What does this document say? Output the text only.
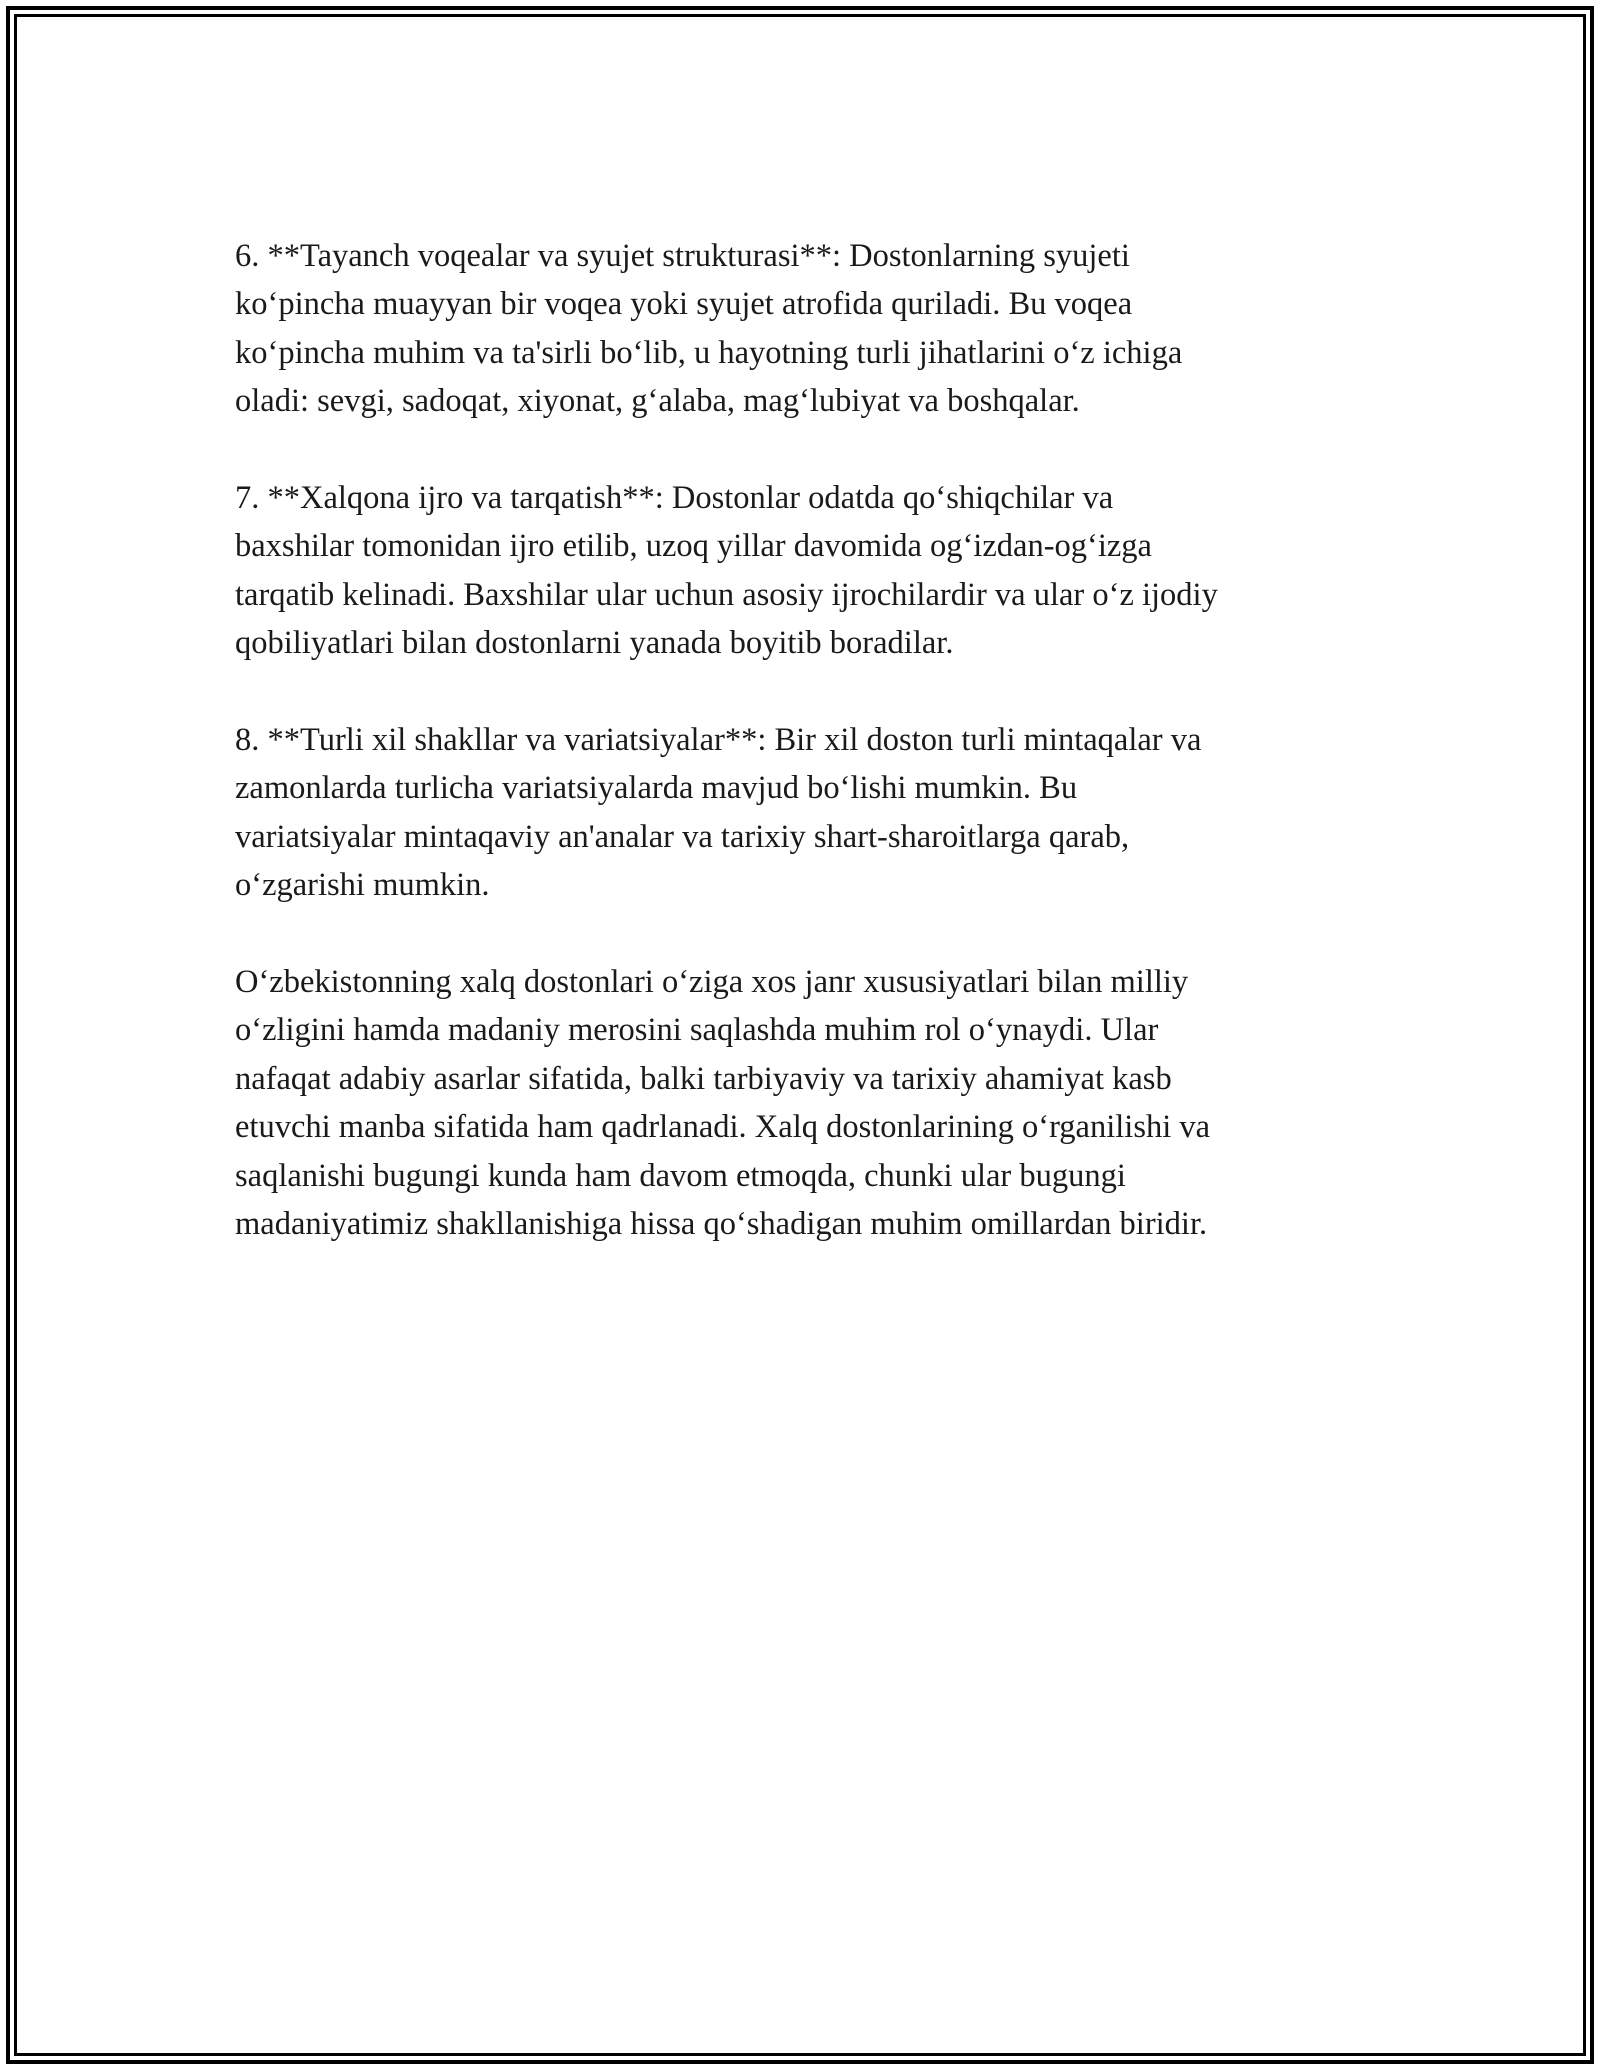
6. **Tayanch voqealar va syujet strukturasi**: Dostonlarning syujeti
ko‘pincha muayyan bir voqea yoki syujet atrofida quriladi. Bu voqea
ko‘pincha muhim va ta'sirli bo‘lib, u hayotning turli jihatlarini o‘z ichiga
oladi: sevgi, sadoqat, xiyonat, g‘alaba, mag‘lubiyat va boshqalar.

7. **Xalqona ijro va tarqatish**: Dostonlar odatda qo‘shiqchilar va
baxshilar tomonidan ijro etilib, uzoq yillar davomida og‘izdan-og‘izga
tarqatib kelinadi. Baxshilar ular uchun asosiy ijrochilardir va ular o‘z ijodiy
qobiliyatlari bilan dostonlarni yanada boyitib boradilar.

8. **Turli xil shakllar va variatsiyalar**: Bir xil doston turli mintaqalar va
zamonlarda turlicha variatsiyalarda mavjud bo‘lishi mumkin. Bu
variatsiyalar mintaqaviy an'analar va tarixiy shart-sharoitlarga qarab,
o‘zgarishi mumkin.

O‘zbekistonning xalq dostonlari o‘ziga xos janr xususiyatlari bilan milliy
o‘zligini hamda madaniy merosini saqlashda muhim rol o‘ynaydi. Ular
nafaqat adabiy asarlar sifatida, balki tarbiyaviy va tarixiy ahamiyat kasb
etuvchi manba sifatida ham qadrlanadi. Xalq dostonlarining o‘rganilishi va
saqlanishi bugungi kunda ham davom etmoqda, chunki ular bugungi
madaniyatimiz shakllanishiga hissa qo‘shadigan muhim omillardan biridir.
